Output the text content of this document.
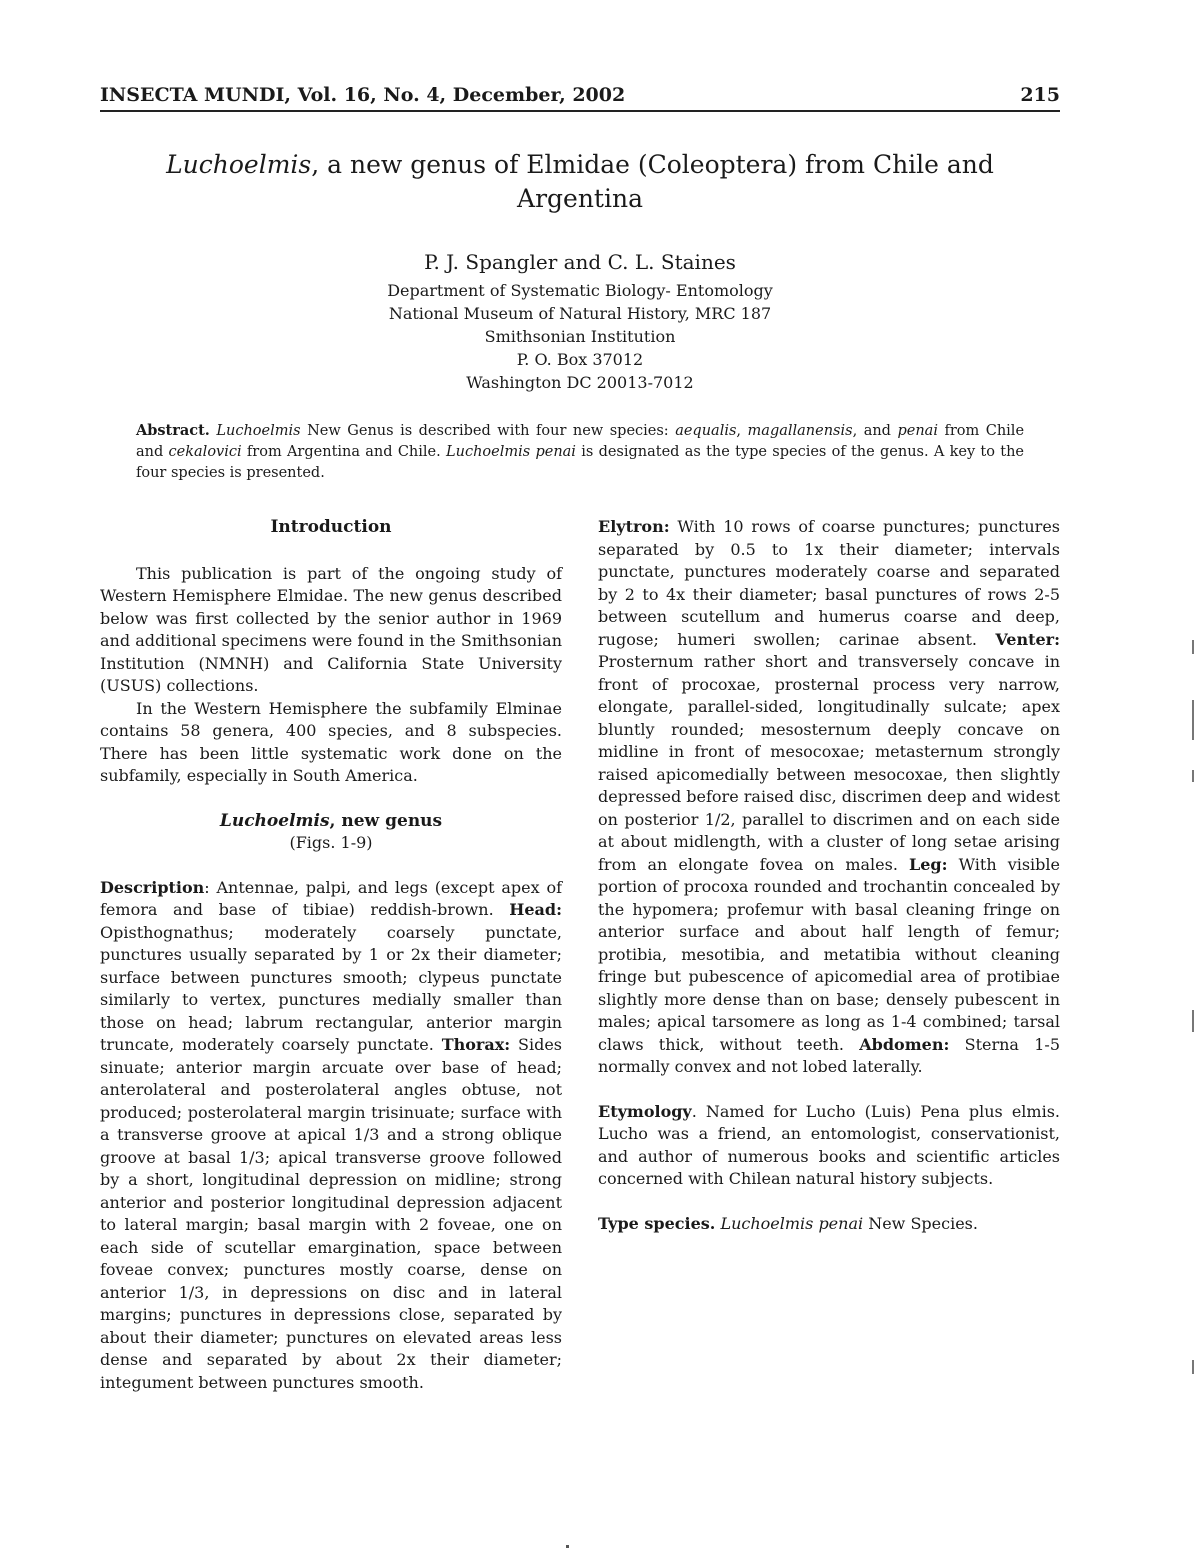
INSECTA MUNDI, Vol. 16, No. 4, December, 2002	215
Luchoelmis, a new genus of Elmidae (Coleoptera) from Chile and Argentina
P. J. Spangler and C. L. Staines
Department of Systematic Biology- Entomology
National Museum of Natural History, MRC 187
Smithsonian Institution
P. O. Box 37012
Washington DC 20013-7012
Abstract. Luchoelmis New Genus is described with four new species: aequalis, magallanensis, and penai from Chile and cekalovici from Argentina and Chile. Luchoelmis penai is designated as the type species of the genus. A key to the four species is presented.

Introduction

This publication is part of the ongoing study of Western Hemisphere Elmidae. The new genus described below was first collected by the senior author in 1969 and additional specimens were found in the Smithsonian Institution (NMNH) and California State University (USUS) collections.

In the Western Hemisphere the subfamily Elminae contains 58 genera, 400 species, and 8 subspecies. There has been little systematic work done on the subfamily, especially in South America.

Luchoelmis, new genus

(Figs. 1-9)

Description: Antennae, palpi, and legs (except apex of femora and base of tibiae) reddish-brown. Head: Opisthognathus; moderately coarsely punctate, punctures usually separated by 1 or 2x their diameter; surface between punctures smooth; clypeus punctate similarly to vertex, punctures medially smaller than those on head; labrum rectangular, anterior margin truncate, moderately coarsely punctate. Thorax: Sides sinuate; anterior margin arcuate over base of head; anterolateral and posterolateral angles obtuse, not produced; posterolateral margin trisinuate; surface with a transverse groove at apical 1/3 and a strong oblique groove at basal 1/3; apical transverse groove followed by a short, longitudinal depression on midline; strong anterior and posterior longitudinal depression adjacent to lateral margin; basal margin with 2 foveae, one on each side of scutellar emargination, space between foveae convex; punctures mostly coarse, dense on anterior 1/3, in depressions on disc and in lateral margins; punctures in depressions close, separated by about their diameter; punctures on elevated areas less dense and separated by about 2x their diameter; integument between punctures smooth.

Elytron: With 10 rows of coarse punctures; punctures separated by 0.5 to 1x their diameter; intervals punctate, punctures moderately coarse and separated by 2 to 4x their diameter; basal punctures of rows 2-5 between scutellum and humerus coarse and deep, rugose; humeri swollen; carinae absent. Venter: Prosternum rather short and transversely concave in front of procoxae, prosternal process very narrow, elongate, parallel-sided, longitudinally sulcate; apex bluntly rounded; mesosternum deeply concave on midline in front of mesocoxae; metasternum strongly raised apicomedially between mesocoxae, then slightly depressed before raised disc, discrimen deep and widest on posterior 1/2, parallel to discrimen and on each side at about midlength, with a cluster of long setae arising from an elongate fovea on males. Leg: With visible portion of procoxa rounded and trochantin concealed by the hypomera; profemur with basal cleaning fringe on anterior surface and about half length of femur; protibia, mesotibia, and metatibia without cleaning fringe but pubescence of apicomedial area of protibiae slightly more dense than on base; densely pubescent in males; apical tarsomere as long as 1-4 combined; tarsal claws thick, without teeth. Abdomen: Sterna 1-5 normally convex and not lobed laterally.

Etymology. Named for Lucho (Luis) Pena plus elmis. Lucho was a friend, an entomologist, conservationist, and author of numerous books and scientific articles concerned with Chilean natural history subjects.

Type species. Luchoelmis penai New Species.
